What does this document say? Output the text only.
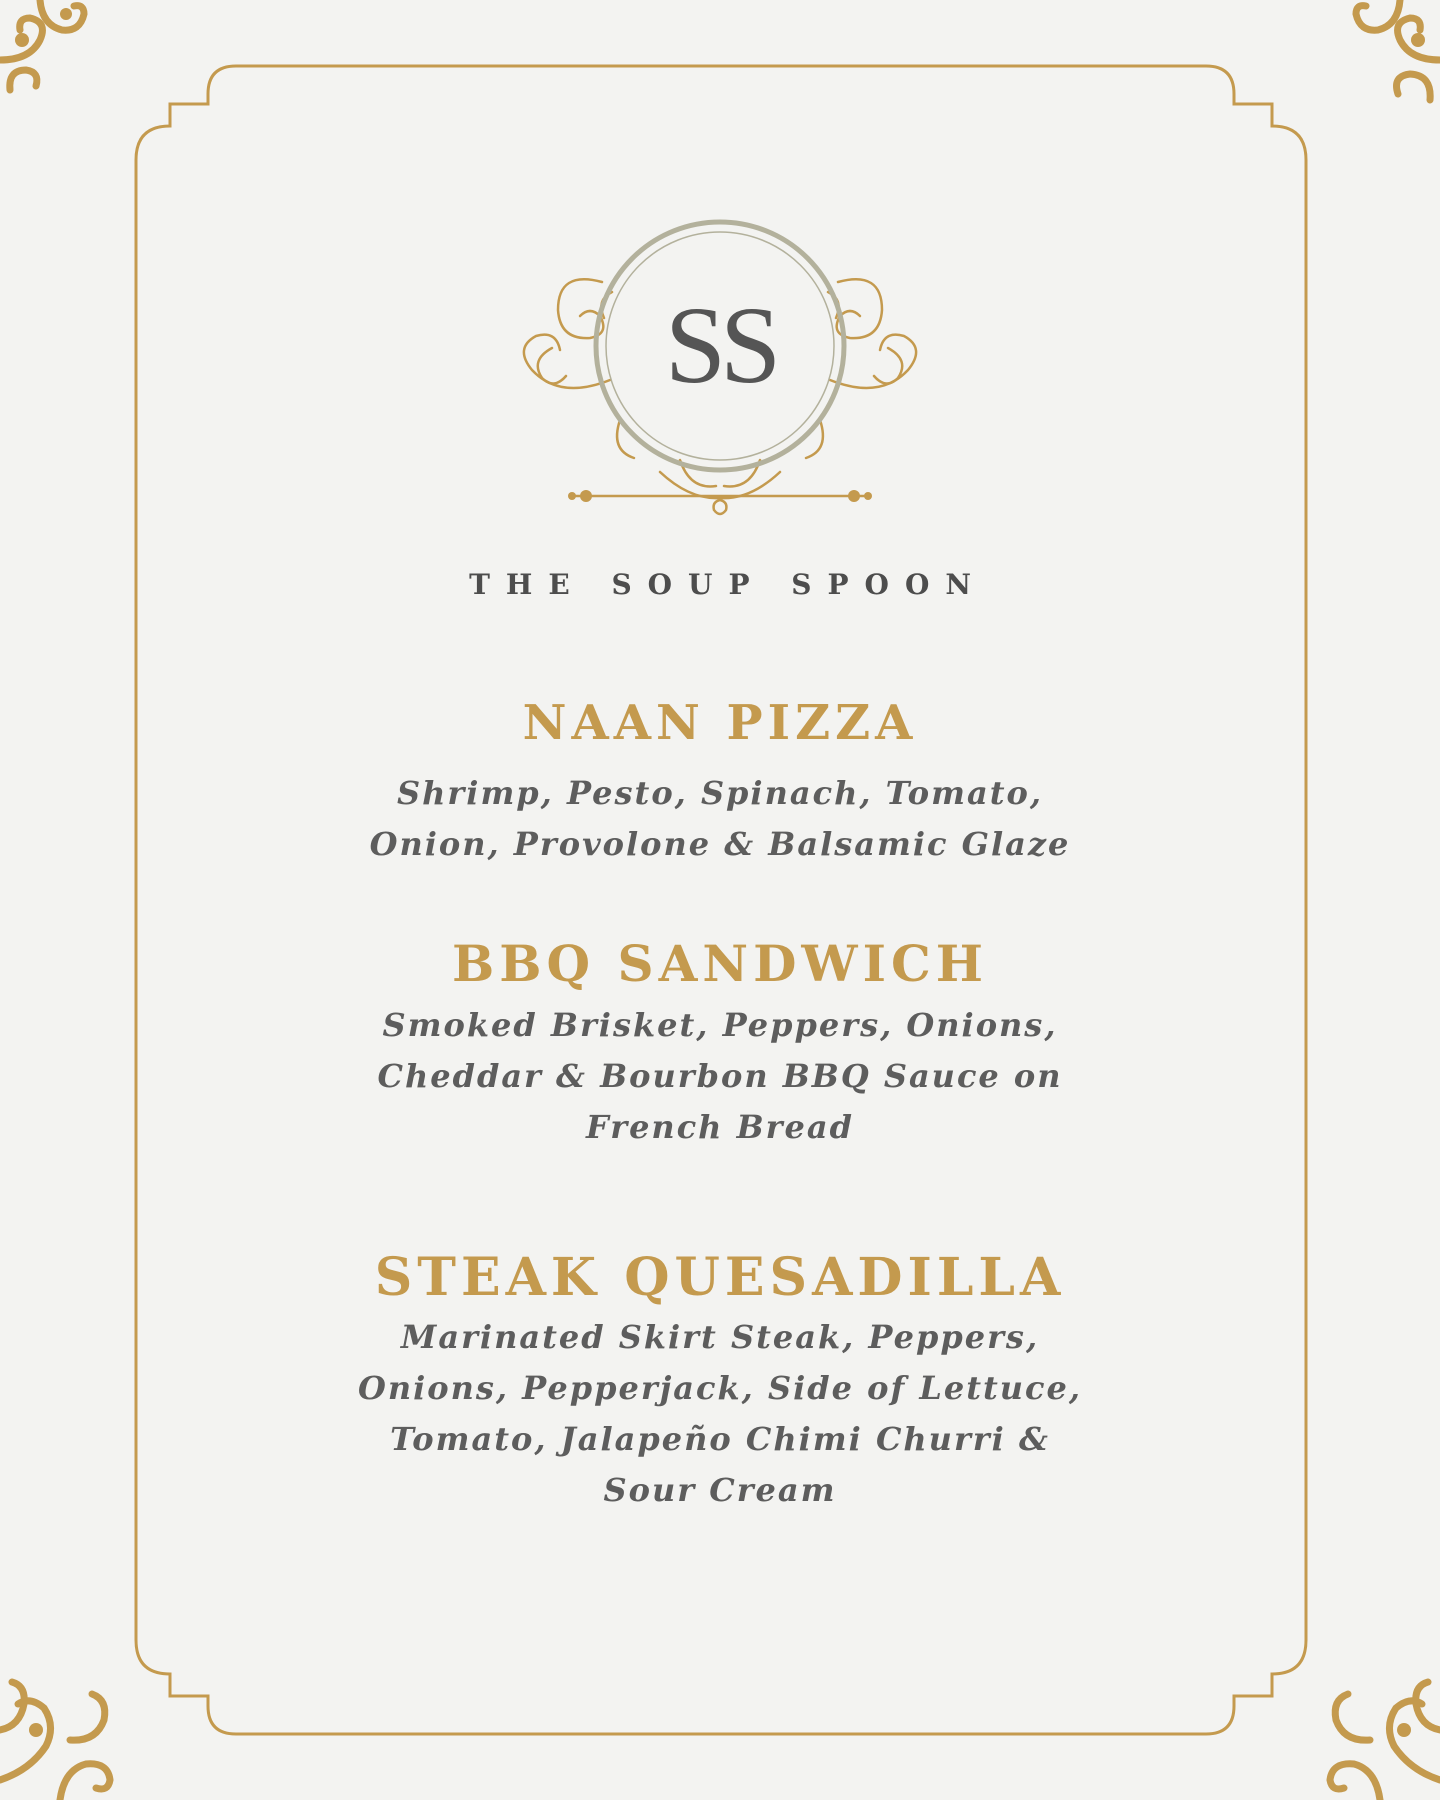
SS
THE SOUP SPOON
NAAN PIZZA

Shrimp, Pesto, Spinach, Tomato,
Onion, Provolone & Balsamic Glaze

BBQ SANDWICH

Smoked Brisket, Peppers, Onions,
Cheddar & Bourbon BBQ Sauce on
French Bread

STEAK QUESADILLA

Marinated Skirt Steak, Peppers,
Onions, Pepperjack, Side of Lettuce,
Tomato, Jalapeño Chimi Churri &
Sour Cream
